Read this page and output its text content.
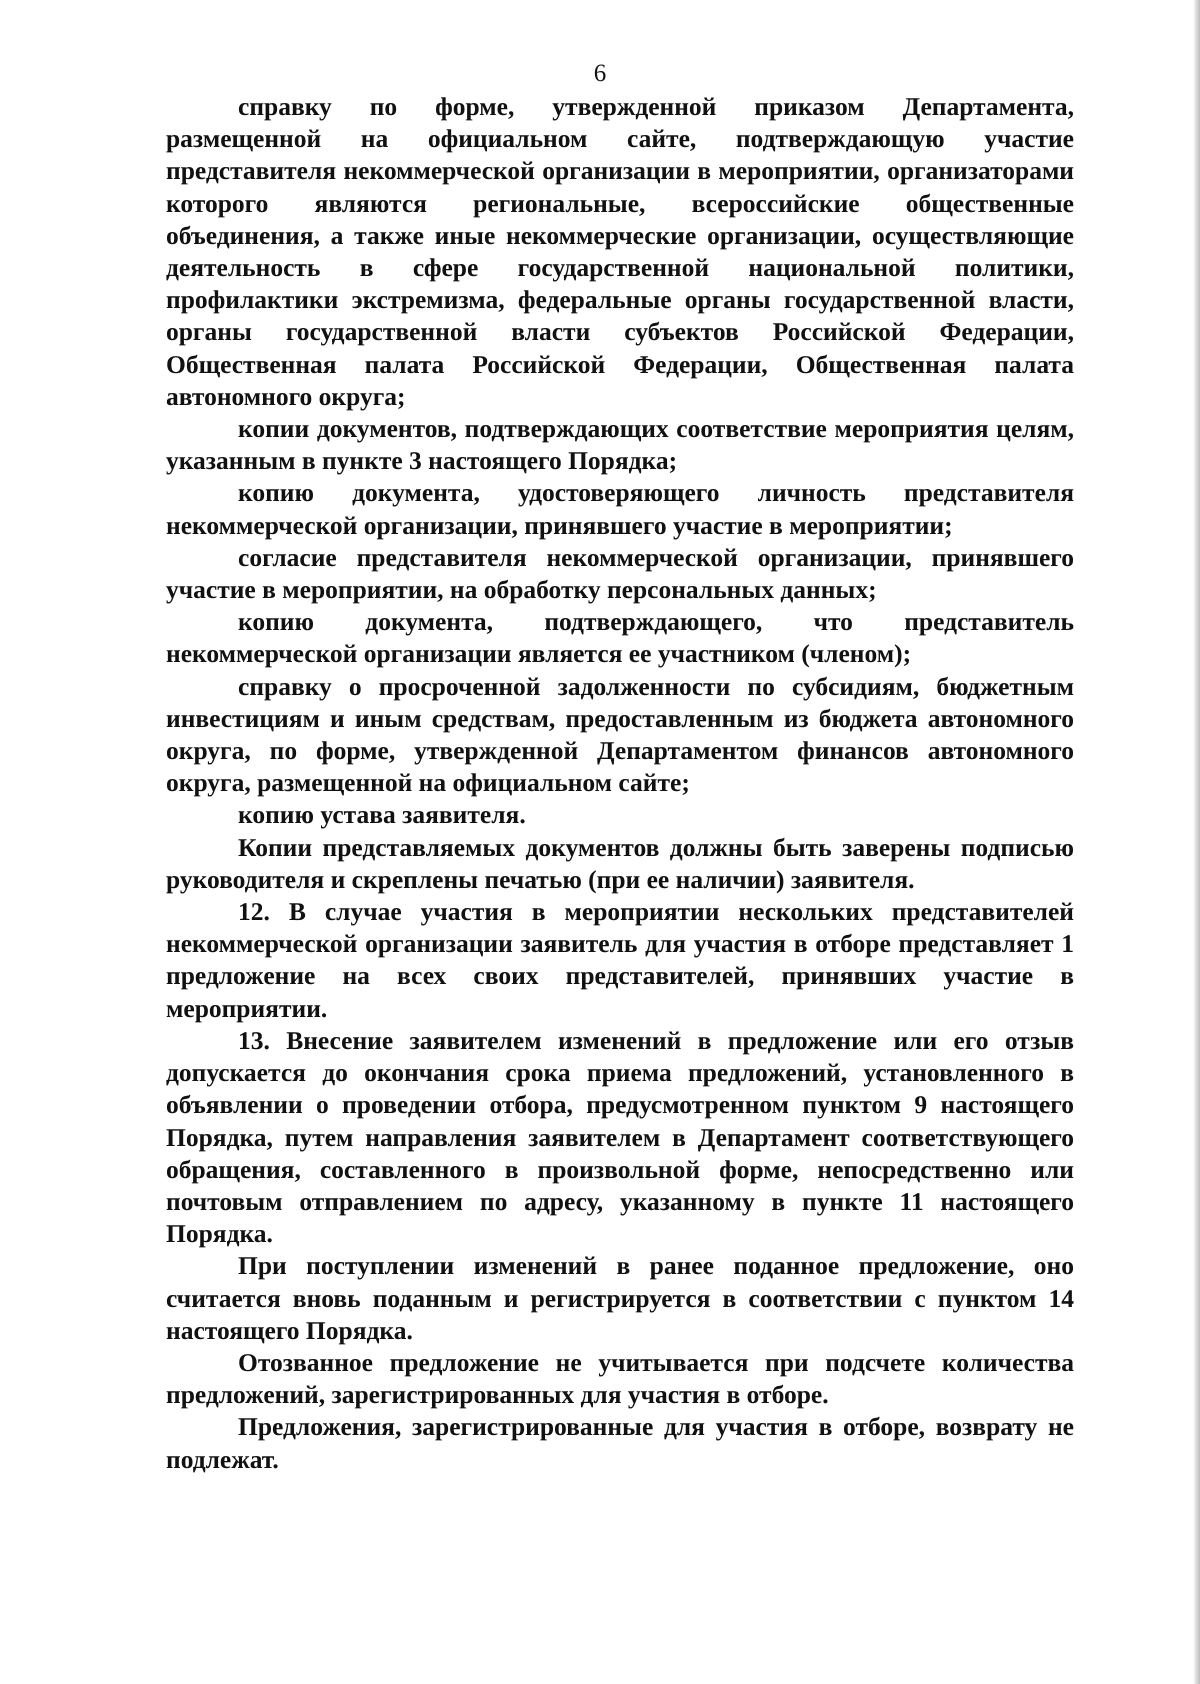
6

справку по форме, утвержденной приказом Департамента, размещенной на официальном сайте, подтверждающую участие представителя некоммерческой организации в мероприятии, организаторами которого являются региональные, всероссийские общественные объединения, а также иные некоммерческие организации, осуществляющие деятельность в сфере государственной национальной политики, профилактики экстремизма, федеральные органы государственной власти, органы государственной власти субъектов Российской Федерации, Общественная палата Российской Федерации, Общественная палата автономного округа;

копии документов, подтверждающих соответствие мероприятия целям, указанным в пункте 3 настоящего Порядка;

копию документа, удостоверяющего личность представителя некоммерческой организации, принявшего участие в мероприятии;

согласие представителя некоммерческой организации, принявшего участие в мероприятии, на обработку персональных данных;

копию документа, подтверждающего, что представитель некоммерческой организации является ее участником (членом);

справку о просроченной задолженности по субсидиям, бюджетным инвестициям и иным средствам, предоставленным из бюджета автономного округа, по форме, утвержденной Департаментом финансов автономного округа, размещенной на официальном сайте;

копию устава заявителя.

Копии представляемых документов должны быть заверены подписью руководителя и скреплены печатью (при ее наличии) заявителя.

12. В случае участия в мероприятии нескольких представителей некоммерческой организации заявитель для участия в отборе представляет 1 предложение на всех своих представителей, принявших участие в мероприятии.

13. Внесение заявителем изменений в предложение или его отзыв допускается до окончания срока приема предложений, установленного в объявлении о проведении отбора, предусмотренном пунктом 9 настоящего Порядка, путем направления заявителем в Департамент соответствующего обращения, составленного в произвольной форме, непосредственно или почтовым отправлением по адресу, указанному в пункте 11 настоящего Порядка.

При поступлении изменений в ранее поданное предложение, оно считается вновь поданным и регистрируется в соответствии с пунктом 14 настоящего Порядка.

Отозванное предложение не учитывается при подсчете количества предложений, зарегистрированных для участия в отборе.

Предложения, зарегистрированные для участия в отборе, возврату не подлежат.
